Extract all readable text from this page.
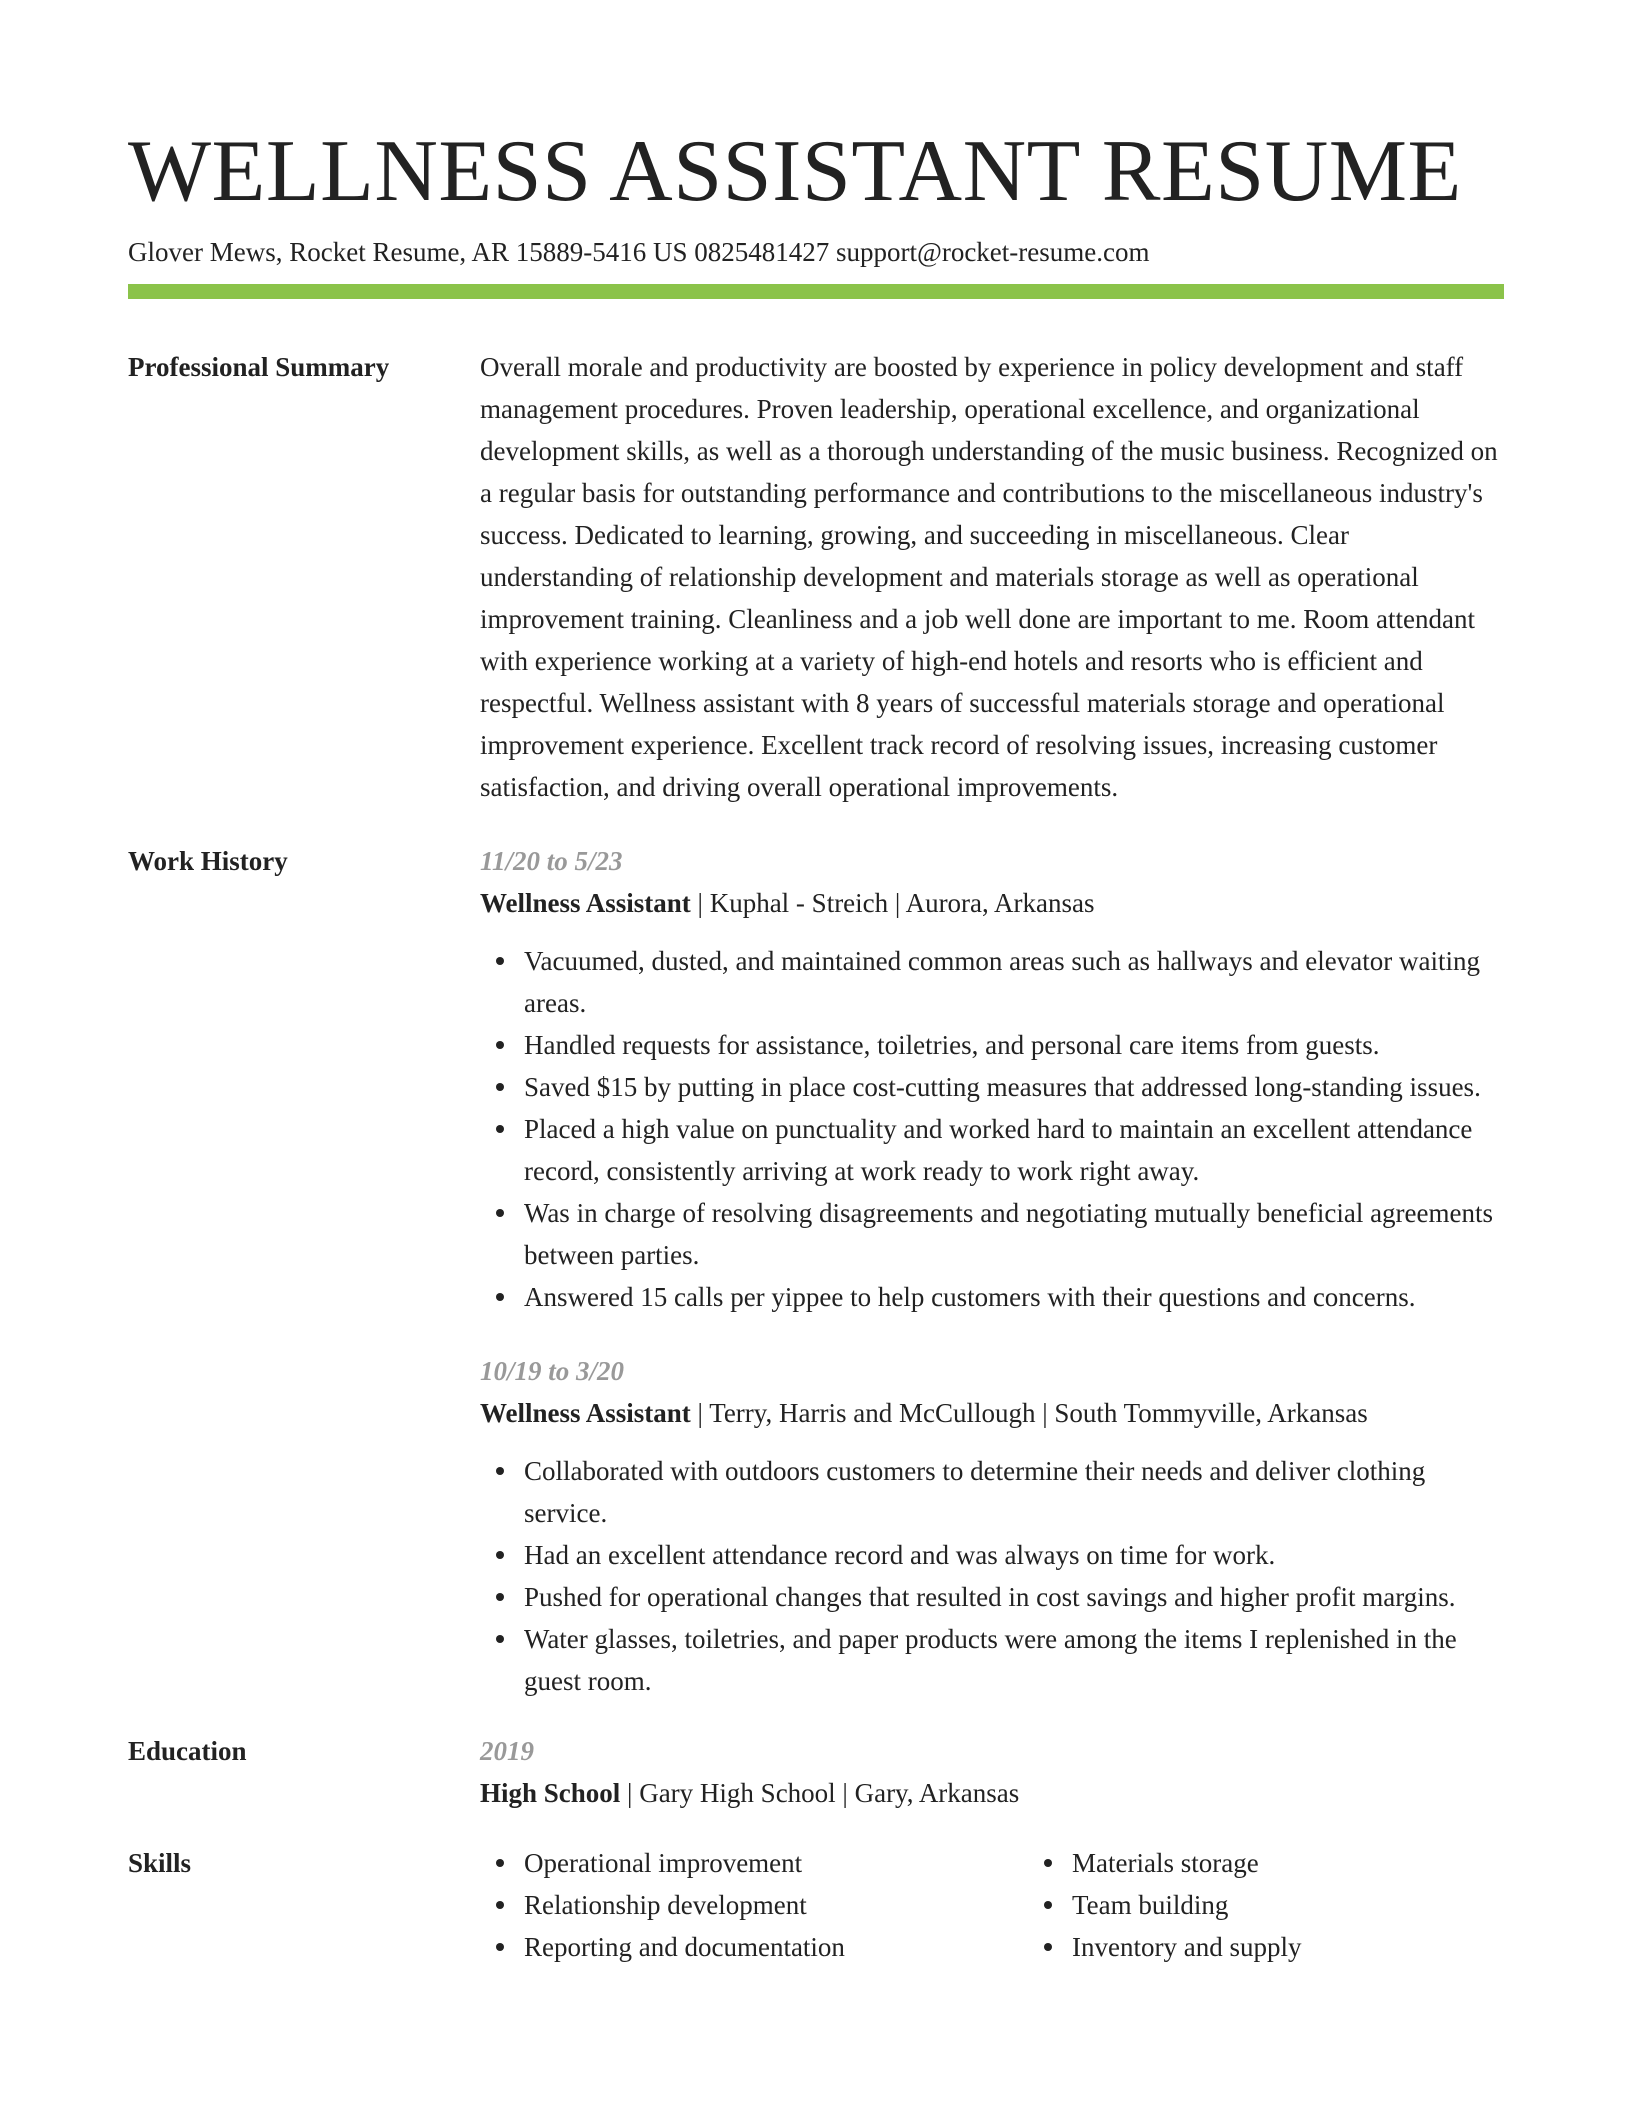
WELLNESS ASSISTANT RESUME
Glover Mews, Rocket Resume, AR 15889-5416 US 0825481427 support@rocket-resume.com
Professional Summary	Overall morale and productivity are boosted by experience in policy development and staff management procedures. Proven leadership, operational excellence, and organizational development skills, as well as a thorough understanding of the music business. Recognized on a regular basis for outstanding performance and contributions to the miscellaneous industry's success. Dedicated to learning, growing, and succeeding in miscellaneous. Clear understanding of relationship development and materials storage as well as operational improvement training. Cleanliness and a job well done are important to me. Room attendant with experience working at a variety of high-end hotels and resorts who is efficient and respectful. Wellness assistant with 8 years of successful materials storage and operational improvement experience. Excellent track record of resolving issues, increasing customer satisfaction, and driving overall operational improvements.

Work History	11/20 to 5/23
Wellness Assistant | Kuphal - Streich | Aurora, Arkansas
Vacuumed, dusted, and maintained common areas such as hallways and elevator waiting areas.
Handled requests for assistance, toiletries, and personal care items from guests.
Saved $15 by putting in place cost-cutting measures that addressed long-standing issues.
Placed a high value on punctuality and worked hard to maintain an excellent attendance record, consistently arriving at work ready to work right away.
Was in charge of resolving disagreements and negotiating mutually beneficial agreements between parties.
Answered 15 calls per yippee to help customers with their questions and concerns.
10/19 to 3/20
Wellness Assistant | Terry, Harris and McCullough | South Tommyville, Arkansas
Collaborated with outdoors customers to determine their needs and deliver clothing service.
Had an excellent attendance record and was always on time for work.
Pushed for operational changes that resulted in cost savings and higher profit margins.
Water glasses, toiletries, and paper products were among the items I replenished in the guest room.
Education	2019
High School | Gary High School | Gary, Arkansas
Skills	Operational improvement
Relationship development
Reporting and documentation
Materials storage
Team building
Inventory and supply
